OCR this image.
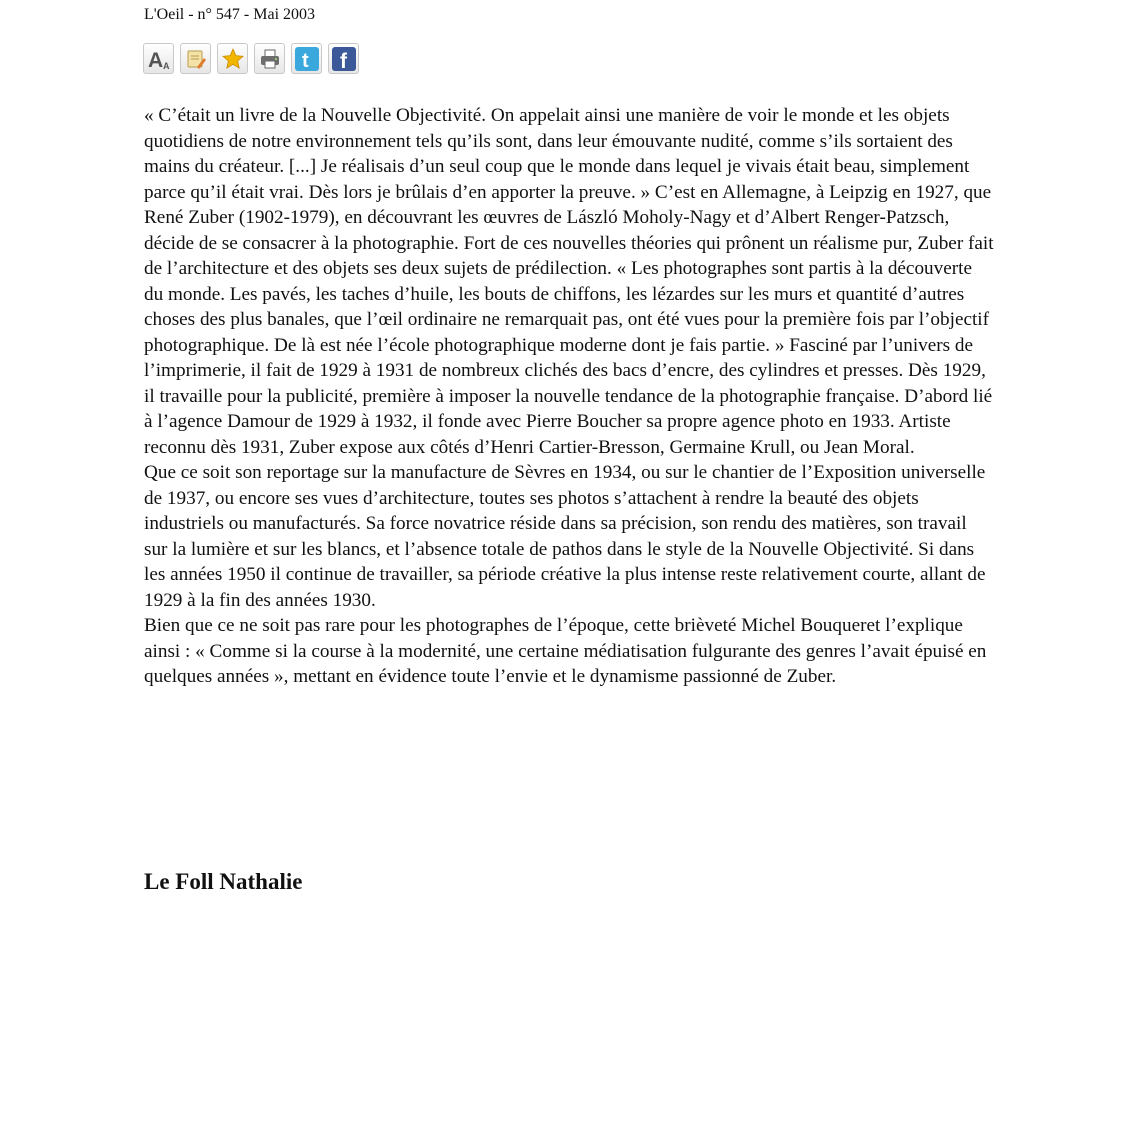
L'Oeil - n° 547 - Mai 2003
A A	t f

« C’était un livre de la Nouvelle Objectivité. On appelait ainsi une manière de voir le monde et les objets quotidiens de notre environnement tels qu’ils sont, dans leur émouvante nudité, comme s’ils sortaient des mains du créateur. [...] Je réalisais d’un seul coup que le monde dans lequel je vivais était beau, simplement parce qu’il était vrai. Dès lors je brûlais d’en apporter la preuve. » C’est en Allemagne, à Leipzig en 1927, que René Zuber (1902-1979), en découvrant les œuvres de László Moholy-Nagy et d’Albert Renger-Patzsch, décide de se consacrer à la photographie. Fort de ces nouvelles théories qui prônent un réalisme pur, Zuber fait de l’architecture et des objets ses deux sujets de prédilection. « Les photographes sont partis à la découverte du monde. Les pavés, les taches d’huile, les bouts de chiffons, les lézardes sur les murs et quantité d’autres choses des plus banales, que l’œil ordinaire ne remarquait pas, ont été vues pour la première fois par l’objectif photographique. De là est née l’école photographique moderne dont je fais partie. » Fasciné par l’univers de l’imprimerie, il fait de 1929 à 1931 de nombreux clichés des bacs d’encre, des cylindres et presses. Dès 1929, il travaille pour la publicité, première à imposer la nouvelle tendance de la photographie française. D’abord lié à l’agence Damour de 1929 à 1932, il fonde avec Pierre Boucher sa propre agence photo en 1933. Artiste reconnu dès 1931, Zuber expose aux côtés d’Henri Cartier-Bresson, Germaine Krull, ou Jean Moral.

Que ce soit son reportage sur la manufacture de Sèvres en 1934, ou sur le chantier de l’Exposition universelle de 1937, ou encore ses vues d’architecture, toutes ses photos s’attachent à rendre la beauté des objets industriels ou manufacturés. Sa force novatrice réside dans sa précision, son rendu des matières, son travail sur la lumière et sur les blancs, et l’absence totale de pathos dans le style de la Nouvelle Objectivité. Si dans les années 1950 il continue de travailler, sa période créative la plus intense reste relativement courte, allant de 1929 à la fin des années 1930.

Bien que ce ne soit pas rare pour les photographes de l’époque, cette brièveté Michel Bouqueret l’explique ainsi : « Comme si la course à la modernité, une certaine médiatisation fulgurante des genres l’avait épuisé en quelques années », mettant en évidence toute l’envie et le dynamisme passionné de Zuber.

Le Foll Nathalie
